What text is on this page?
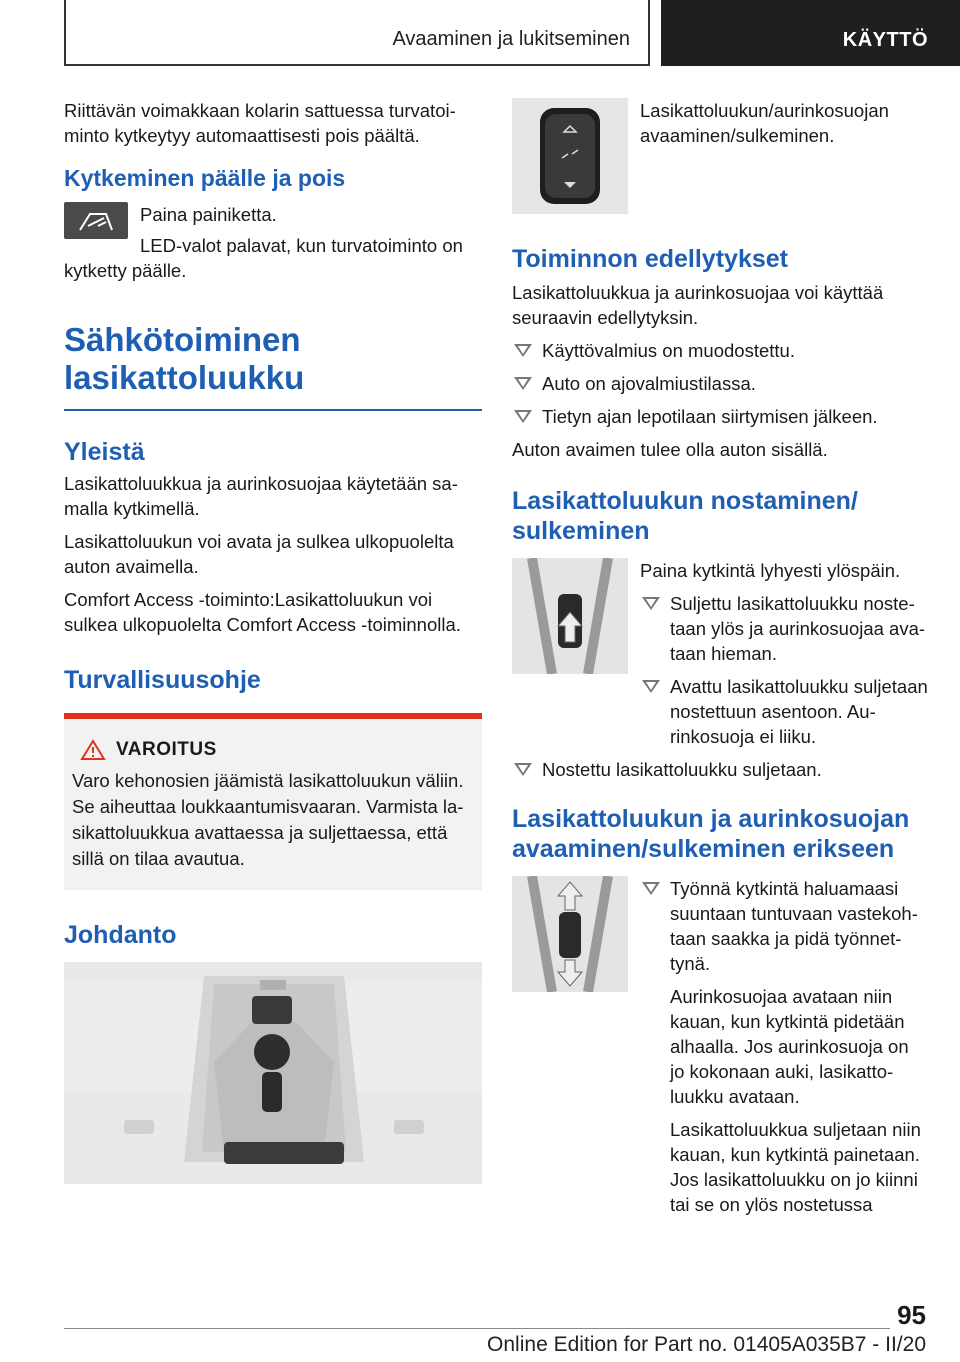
Avaaminen ja lukitseminen	KÄYTTÖ

Riittävän voimakkaan kolarin sattuessa turvatoiminto kytkeytyy automaattisesti pois päältä.

Kytkeminen päälle ja pois

Paina painiketta.

LED-valot palavat, kun turvatoiminto on kytketty päälle.

Sähkötoiminen
lasikattoluukku
Yleistä

Lasikattoluukkua ja aurinkosuojaa käytetään samalla kytkimellä.

Lasikattoluukun voi avata ja sulkea ulkopuolelta auton avaimella.

Comfort Access -toiminto:Lasikattoluukun voi sulkea ulkopuolelta Comfort Access -toiminnolla.

Turvallisuusohje
VAROITUS
Varo kehonosien jäämistä lasikattoluukun väliin. Se aiheuttaa loukkaantumisvaaran. Varmista lasikattoluukkua avattaessa ja suljettaessa, että sillä on tilaa avautua.
Johdanto

Lasikattoluukun/aurinkosuojan avaaminen/sulkeminen.

Toiminnon edellytykset

Lasikattoluukkua ja aurinkosuojaa voi käyttää seuraavin edellytyksin.

Käyttövalmius on muodostettu.
Auto on ajovalmiustilassa.
Tietyn ajan lepotilaan siirtymisen jälkeen.

Auton avaimen tulee olla auton sisällä.

Lasikattoluukun nostaminen/ sulkeminen

Paina kytkintä lyhyesti ylöspäin.

Suljettu lasikattoluukku nostetaan ylös ja aurinkosuojaa avataan hieman.
Avattu lasikattoluukku suljetaan nostettuun asentoon. Aurinkosuoja ei liiku.
Nostettu lasikattoluukku suljetaan.
Lasikattoluukun ja aurinkosuojan avaaminen/sulkeminen erikseen
Työnnä kytkintä haluamaasi suuntaan tuntuvaan vastekohtaan saakka ja pidä työnnettynä.

Aurinkosuojaa avataan niin kauan, kun kytkintä pidetään alhaalla. Jos aurinkosuoja on jo kokonaan auki, lasikattoluukku avataan.

Lasikattoluukkua suljetaan niin kauan, kun kytkintä painetaan. Jos lasikattoluukku on jo kiinni tai se on ylös nostetussa

95
Online Edition for Part no. 01405A035B7 - II/20
